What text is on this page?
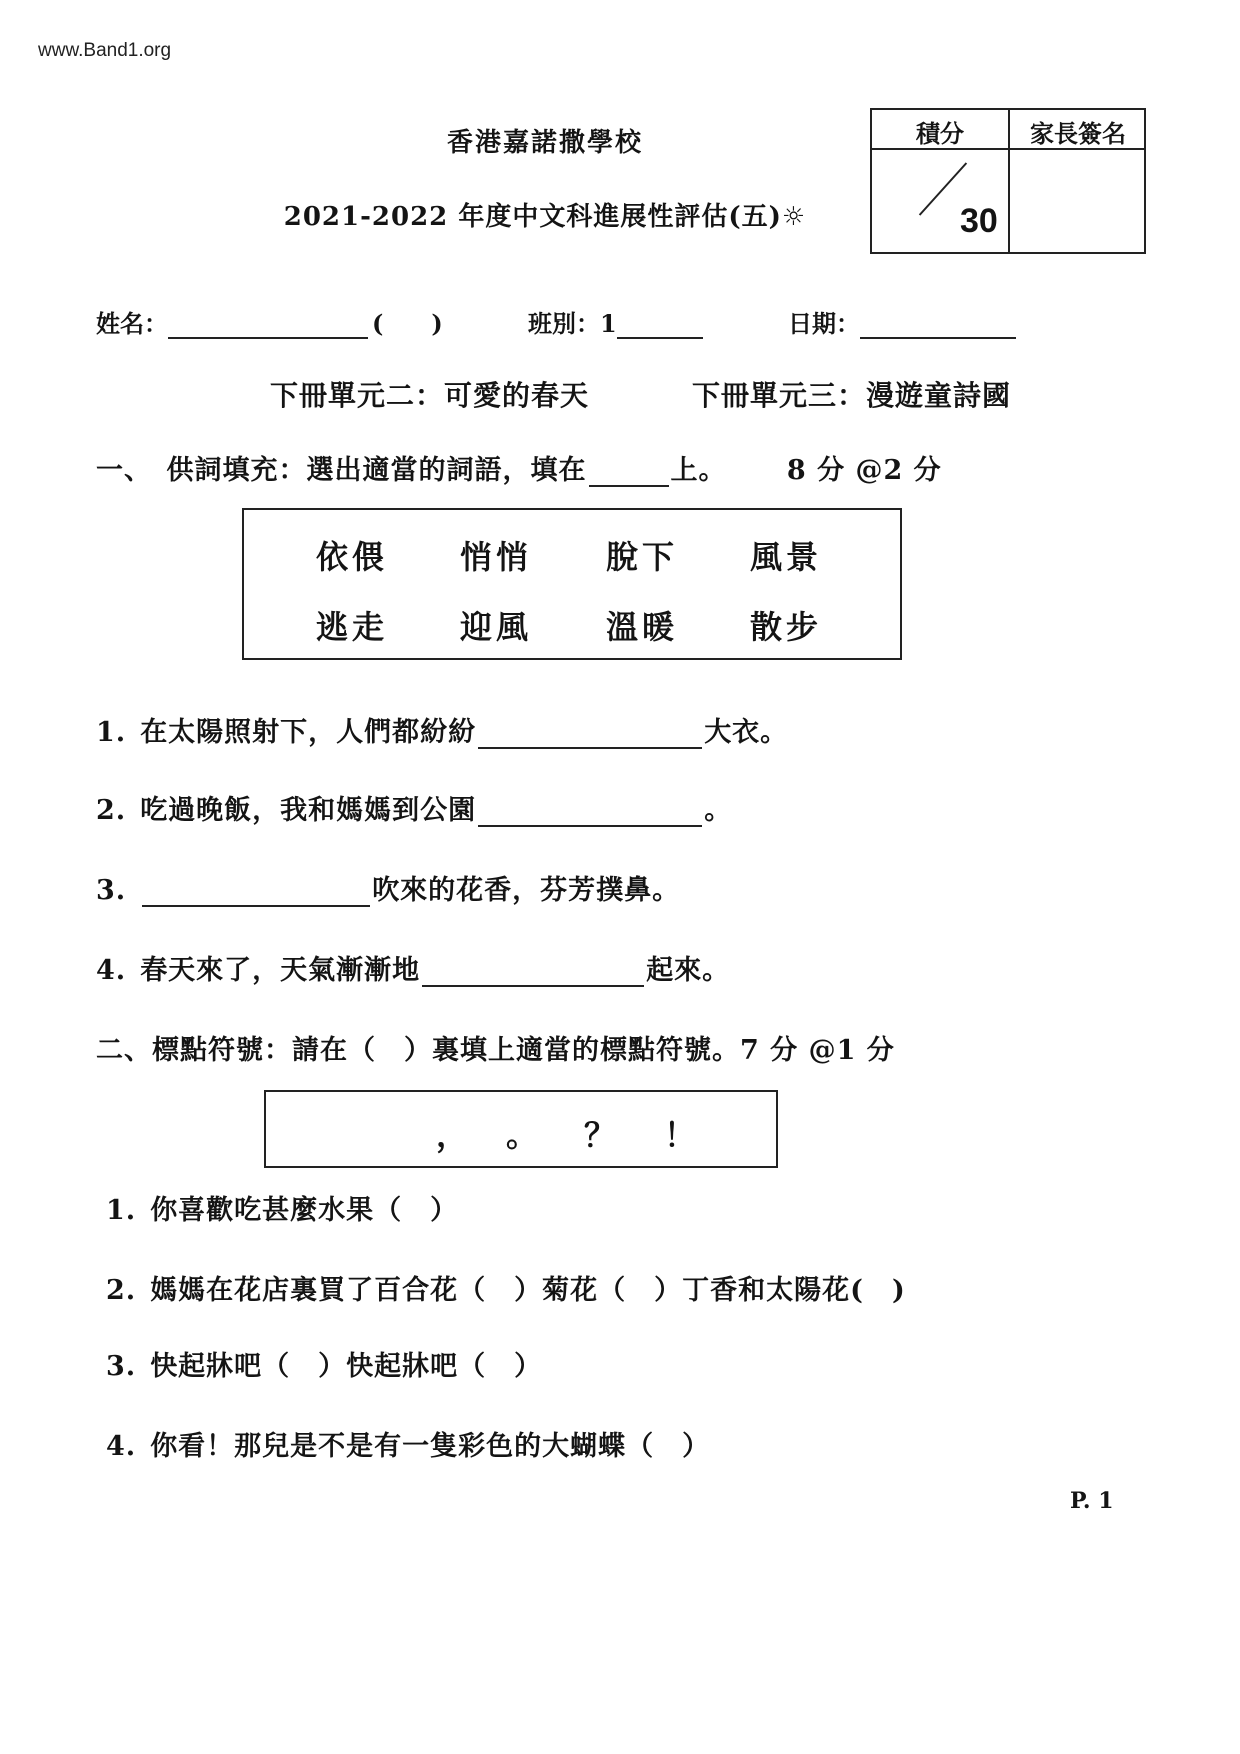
www.Band1.org
香港嘉諾撒學校
2021-2022 年度中文科進展性評估(五)☼
積分	家長簽名
30
姓名：	(　　)	班別：1	日期：
下冊單元二：可愛的春天	下冊單元三：漫遊童詩國
一、　供詞填充：選出適當的詞語，填在	上。 8 分 @2 分
依偎 悄悄 脫下 風景
逃走 迎風 溫暖 散步
1. 在太陽照射下，人們都紛紛	大衣。
2. 吃過晚飯，我和媽媽到公園	。
3.	吹來的花香，芬芳撲鼻。
4. 春天來了，天氣漸漸地	起來。
二、標點符號：請在（　）裏填上適當的標點符號。7 分 @1 分
， 。 ？ ！
1. 你喜歡吃甚麼水果（　）
2. 媽媽在花店裏買了百合花（　）菊花（　）丁香和太陽花(　)
3. 快起牀吧（　）快起牀吧（　）
4. 你看！那兒是不是有一隻彩色的大蝴蝶（　）
P. 1
